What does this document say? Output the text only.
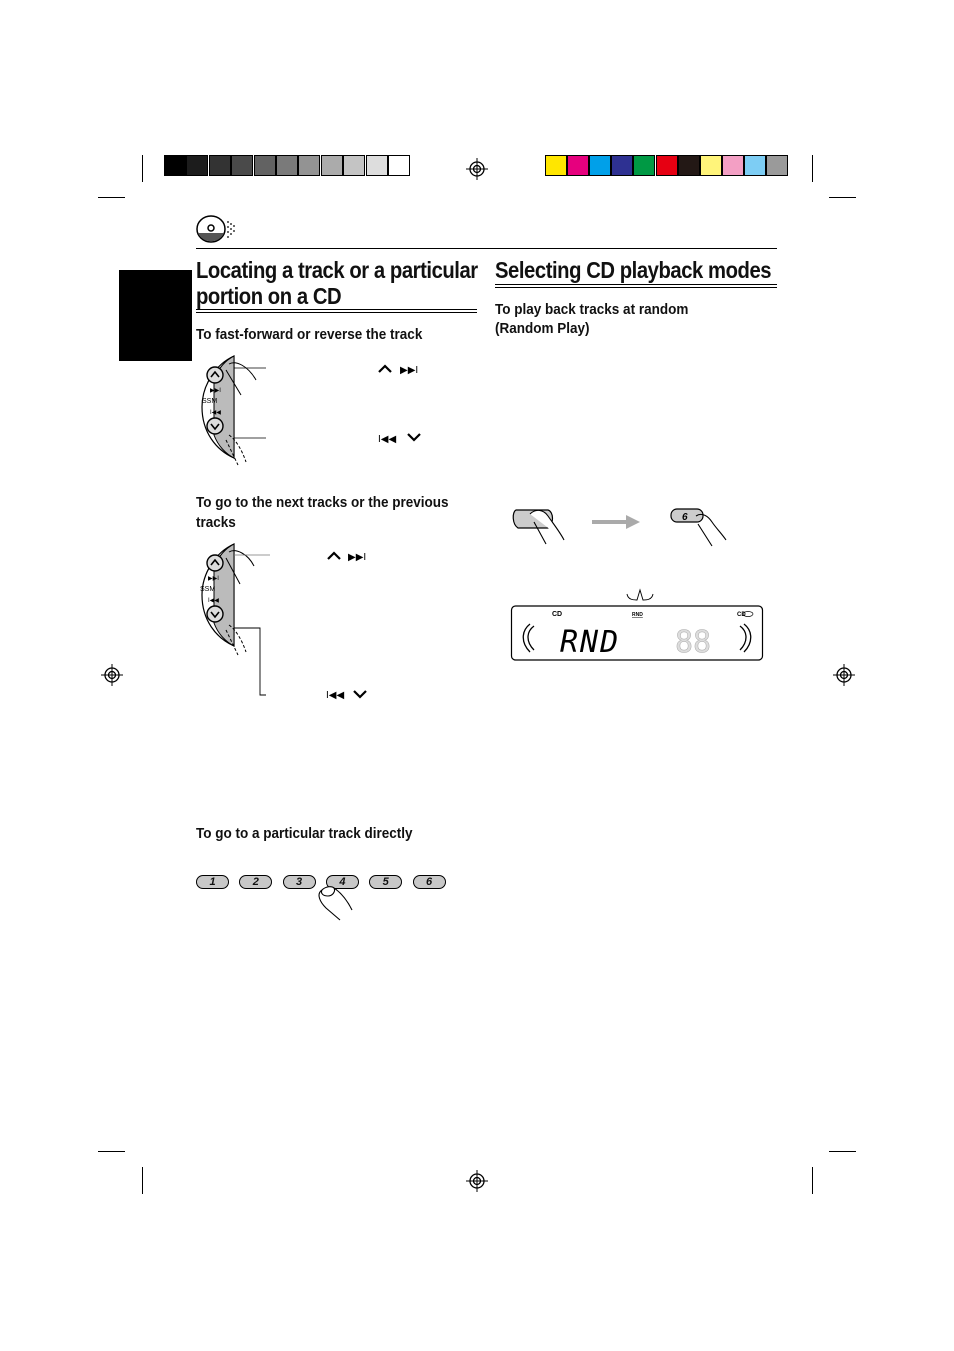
Locating a track or a particular
portion on a CD
To fast-forward or reverse the track
SSM
▶▶I
I◀◀
▶▶I
I◀◀
To go to the next tracks or the previous
tracks
SSM
▶▶I
I◀◀
▶▶I
I◀◀
To go to a particular track directly
1	2	3	4	5	6
Selecting CD playback modes
To play back tracks at random
(Random Play)
6
CD	RND	CD
RND 88
